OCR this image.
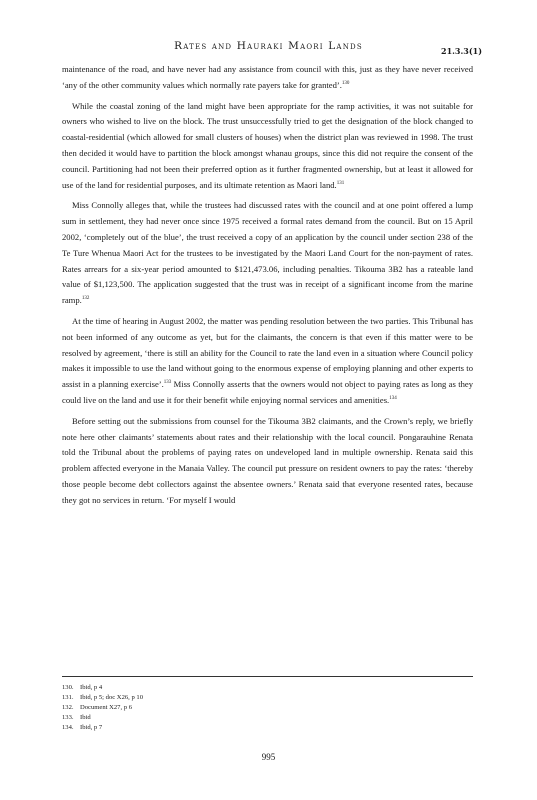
Rates and Hauraki Maori Lands	21.3.3(1)

maintenance of the road, and have never had any assistance from council with this, just as they have never received ‘any of the other community values which normally rate payers take for granted’.$^{130}$

While the coastal zoning of the land might have been appropriate for the ramp activities, it was not suitable for owners who wished to live on the block. The trust unsuccessfully tried to get the designation of the block changed to coastal-residential (which allowed for small clusters of houses) when the district plan was reviewed in 1998. The trust then decided it would have to partition the block amongst whanau groups, since this did not require the consent of the council. Partitioning had not been their preferred option as it further fragmented ownership, but at least it allowed for use of the land for residential purposes, and its ultimate retention as Maori land.$^{131}$

Miss Connolly alleges that, while the trustees had discussed rates with the council and at one point offered a lump sum in settlement, they had never once since 1975 received a formal rates demand from the council. But on 15 April 2002, ‘completely out of the blue’, the trust received a copy of an application by the council under section 238 of the Te Ture Whenua Maori Act for the trustees to be investigated by the Maori Land Court for the non-payment of rates. Rates arrears for a six-year period amounted to $121,473.06, including penalties. Tikouma 3B2 has a rateable land value of $1,123,500. The application suggested that the trust was in receipt of a significant income from the marine ramp.$^{132}$

At the time of hearing in August 2002, the matter was pending resolution between the two parties. This Tribunal has not been informed of any outcome as yet, but for the claimants, the concern is that even if this matter were to be resolved by agreement, ‘there is still an ability for the Council to rate the land even in a situation where Council policy makes it impossible to use the land without going to the enormous expense of employing planning and other experts to assist in a planning exercise’.$^{133}$ Miss Connolly asserts that the owners would not object to paying rates as long as they could live on the land and use it for their benefit while enjoying normal services and amenities.$^{134}$

Before setting out the submissions from counsel for the Tikouma 3B2 claimants, and the Crown’s reply, we briefly note here other claimants’ statements about rates and their relationship with the local council. Pongarauhine Renata told the Tribunal about the problems of paying rates on undeveloped land in multiple ownership. Renata said this problem affected everyone in the Manaia Valley. The council put pressure on resident owners to pay the rates: ‘thereby those people become debt collectors against the absentee owners.’ Renata said that everyone resented rates, because they got no services in return. ‘For myself I would

130. Ibid, p 4
131. Ibid, p 5; doc X26, p 10
132. Document X27, p 6
133. Ibid
134. Ibid, p 7
995
